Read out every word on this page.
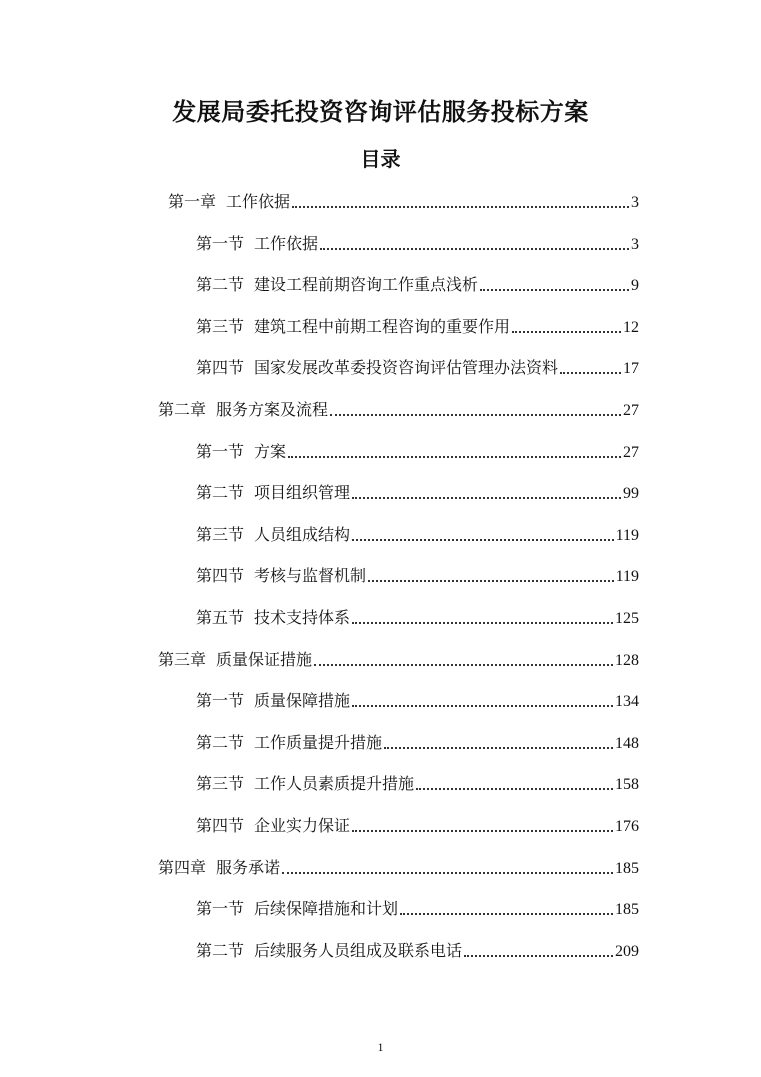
发展局委托投资咨询评估服务投标方案
目录
第一章 工作依据	3
第一节 工作依据	3
第二节 建设工程前期咨询工作重点浅析	9
第三节 建筑工程中前期工程咨询的重要作用	12
第四节 国家发展改革委投资咨询评估管理办法资料	17
第二章 服务方案及流程	27
第一节 方案	27
第二节 项目组织管理	99
第三节 人员组成结构	119
第四节 考核与监督机制	119
第五节 技术支持体系	125
第三章 质量保证措施	128
第一节 质量保障措施	134
第二节 工作质量提升措施	148
第三节 工作人员素质提升措施	158
第四节 企业实力保证	176
第四章 服务承诺	185
第一节 后续保障措施和计划	185
第二节 后续服务人员组成及联系电话	209
1
